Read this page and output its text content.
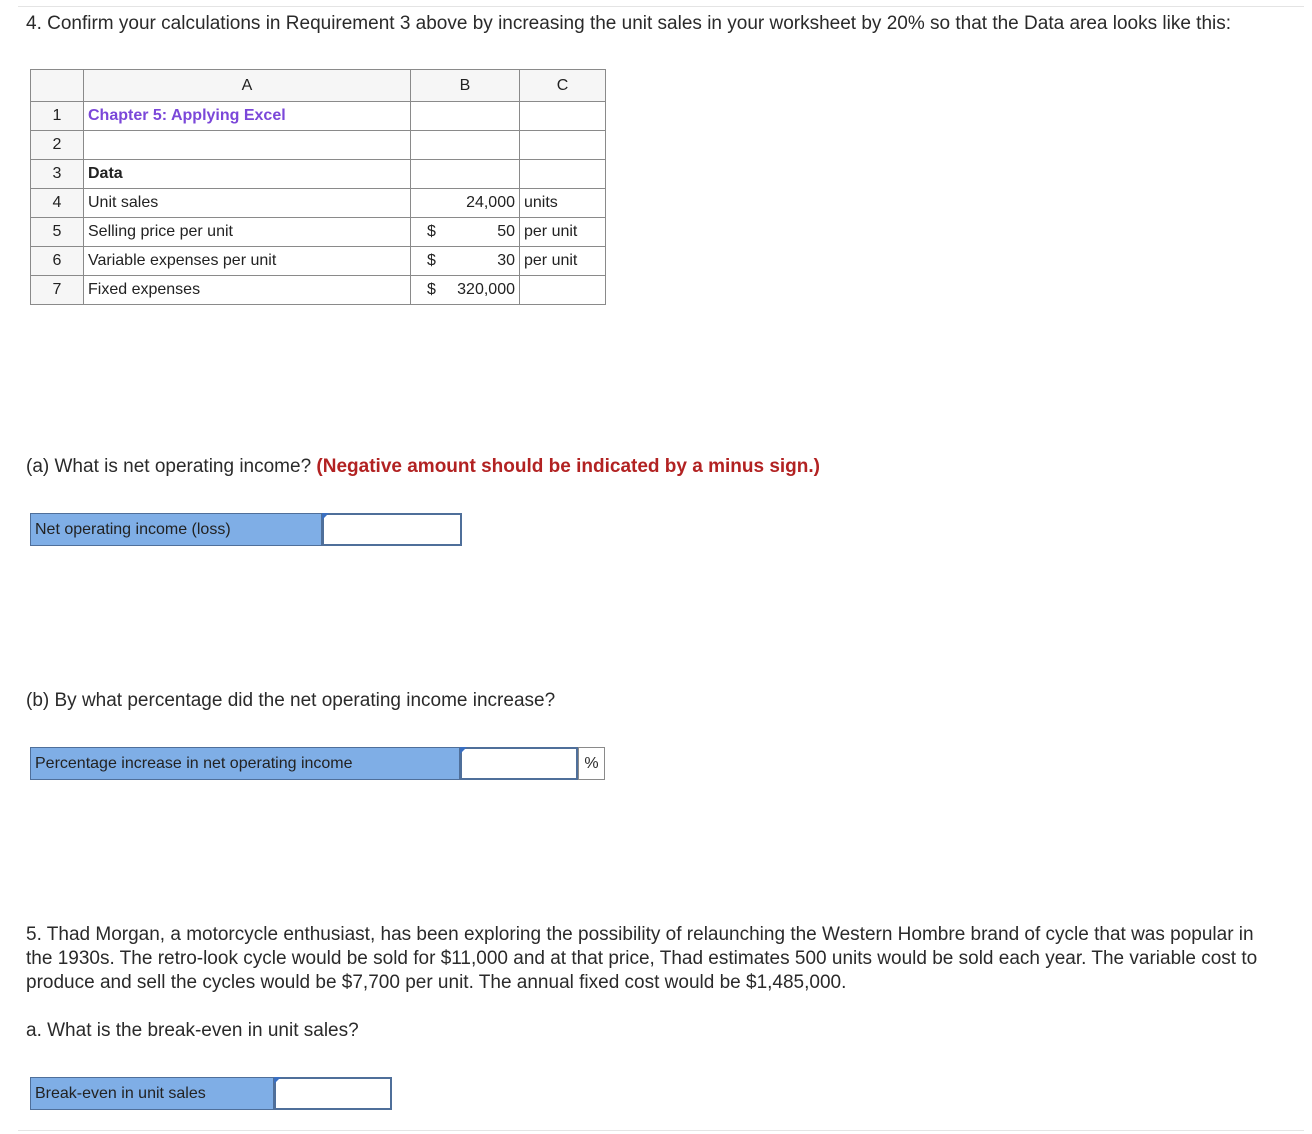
4. Confirm your calculations in Requirement 3 above by increasing the unit sales in your worksheet by 20% so that the Data area looks like this:

	A	B	C
1	Chapter 5: Applying Excel		
2			
3	Data		
4	Unit sales	24,000	units
5	Selling price per unit	$ 50	per unit
6	Variable expenses per unit	$ 30	per unit
7	Fixed expenses	$ 320,000	

(a) What is net operating income? (Negative amount should be indicated by a minus sign.)

Net operating income (loss)

(b) By what percentage did the net operating income increase?

Percentage increase in net operating income	%

5. Thad Morgan, a motorcycle enthusiast, has been exploring the possibility of relaunching the Western Hombre brand of cycle that was popular in the 1930s. The retro-look cycle would be sold for $11,000 and at that price, Thad estimates 500 units would be sold each year. The variable cost to produce and sell the cycles would be $7,700 per unit. The annual fixed cost would be $1,485,000.

a. What is the break-even in unit sales?

Break-even in unit sales
